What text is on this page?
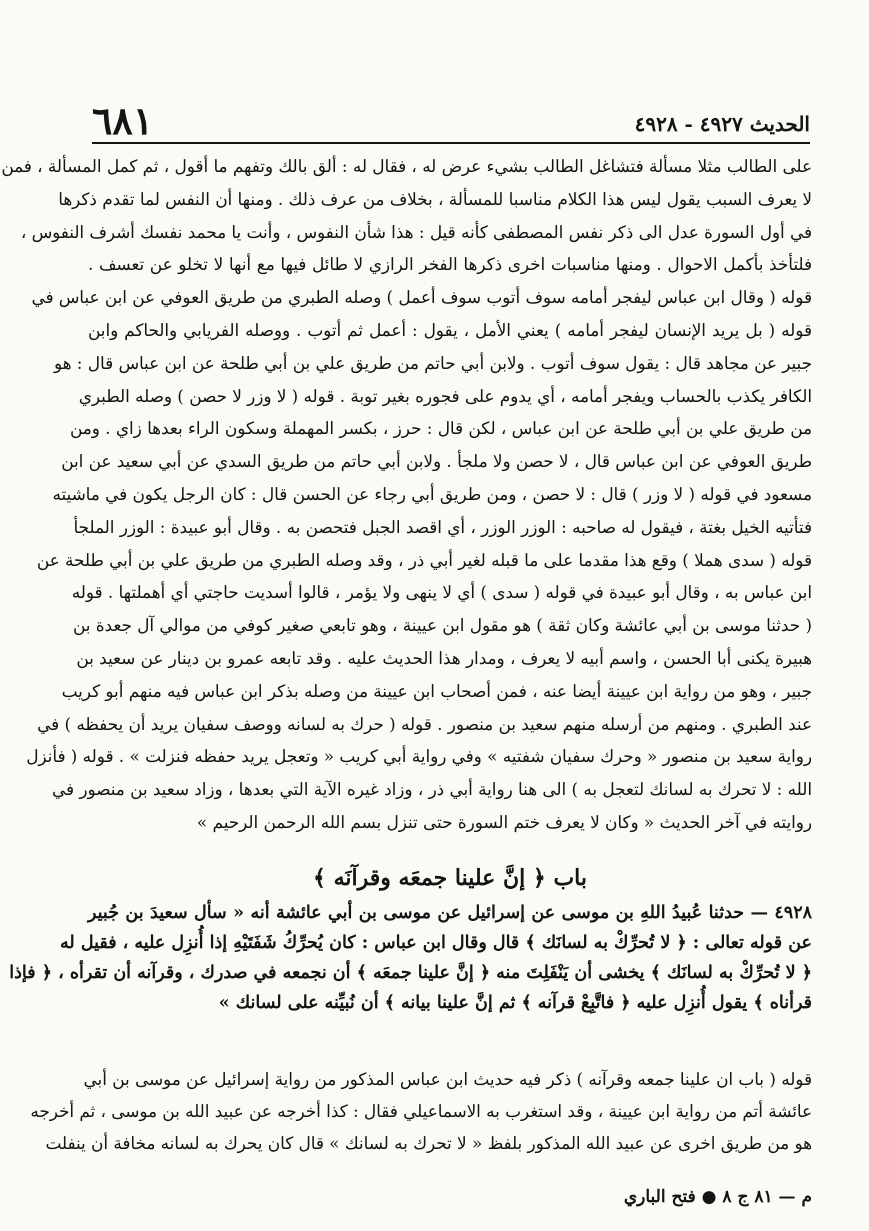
الحديث ٤٩٢٧ - ٤٩٢٨
٦٨١
على الطالب مثلا مسألة فتشاغل الطالب بشيء عرض له ، فقال له : ألق بالك وتفهم ما أقول ، ثم كمل المسألة ، فمن
لا يعرف السبب يقول ليس هذا الكلام مناسبا للمسألة ، بخلاف من عرف ذلك . ومنها أن النفس لما تقدم ذكرها
في أول السورة عدل الى ذكر نفس المصطفى كأنه قيل : هذا شأن النفوس ، وأنت يا محمد نفسك أشرف النفوس ،
فلتأخذ بأكمل الاحوال . ومنها مناسبات اخرى ذكرها الفخر الرازي لا طائل فيها مع أنها لا تخلو عن تعسف .
قوله ( وقال ابن عباس ليفجر أمامه سوف أتوب سوف أعمل ) وصله الطبري من طريق العوفي عن ابن عباس في
قوله ( بل يريد الإنسان ليفجر أمامه ) يعني الأمل ، يقول : أعمل ثم أتوب . ووصله الفريابي والحاكم وابن
جبير عن مجاهد قال : يقول سوف أتوب . ولابن أبي حاتم من طريق علي بن أبي طلحة عن ابن عباس قال : هو
الكافر يكذب بالحساب ويفجر أمامه ، أي يدوم على فجوره بغير توبة . قوله ( لا وزر لا حصن ) وصله الطبري
من طريق علي بن أبي طلحة عن ابن عباس ، لكن قال : حرز ، بكسر المهملة وسكون الراء بعدها زاي . ومن
طريق العوفي عن ابن عباس قال ، لا حصن ولا ملجأ . ولابن أبي حاتم من طريق السدي عن أبي سعيد عن ابن
مسعود في قوله ( لا وزر ) قال : لا حصن ، ومن طريق أبي رجاء عن الحسن قال : كان الرجل يكون في ماشيته
فتأتيه الخيل بغتة ، فيقول له صاحبه : الوزر الوزر ، أي اقصد الجبل فتحصن به . وقال أبو عبيدة : الوزر الملجأ
قوله ( سدى هملا ) وقع هذا مقدما على ما قبله لغير أبي ذر ، وقد وصله الطبري من طريق علي بن أبي طلحة عن
ابن عباس به ، وقال أبو عبيدة في قوله ( سدى ) أي لا ينهى ولا يؤمر ، قالوا أسديت حاجتي أي أهملتها . قوله
( حدثنا موسى بن أبي عائشة وكان ثقة ) هو مقول ابن عيينة ، وهو تابعي صغير كوفي من موالي آل جعدة بن
هبيرة يكنى أبا الحسن ، واسم أبيه لا يعرف ، ومدار هذا الحديث عليه . وقد تابعه عمرو بن دينار عن سعيد بن
جبير ، وهو من رواية ابن عيينة أيضا عنه ، فمن أصحاب ابن عيينة من وصله بذكر ابن عباس فيه منهم أبو كريب
عند الطبري . ومنهم من أرسله منهم سعيد بن منصور . قوله ( حرك به لسانه ووصف سفيان يريد أن يحفظه ) في
رواية سعيد بن منصور « وحرك سفيان شفتيه » وفي رواية أبي كريب « وتعجل يريد حفظه فنزلت » . قوله ( فأنزل
الله : لا تحرك به لسانك لتعجل به ) الى هنا رواية أبي ذر ، وزاد غيره الآية التي بعدها ، وزاد سعيد بن منصور في
روايته في آخر الحديث « وكان لا يعرف ختم السورة حتى تنزل بسم الله الرحمن الرحيم »
باب ﴿ إنَّ علينا جمعَه وقرآنَه ﴾
٤٩٢٨ — حدثنا عُبيدُ اللهِ بن موسى عن إسرائيل عن موسى بن أبي عائشة أنه « سأل سعيدَ بن جُبير
عن قوله تعالى : ﴿ لا تُحرِّكْ به لسانَك ﴾ قال وقال ابن عباس : كان يُحرِّكُ شَفَتَيْهِ إذا أُنزِل عليه ، فقيل له
﴿ لا تُحرِّكْ به لسانَك ﴾ يخشى أن يَنْفَلِتَ منه ﴿ إنَّ علينا جمعَه ﴾ أن نجمعه في صدرك ، وقرآنه أن تقرأه ، ﴿ فإذا
قرأناه ﴾ يقول أُنزِل عليه ﴿ فاتَّبِعْ قرآنه ﴾ ثم إنَّ علينا بيانه ﴾ أن نُبيِّنه على لسانك »
قوله ( باب ان علينا جمعه وقرآنه ) ذكر فيه حديث ابن عباس المذكور من رواية إسرائيل عن موسى بن أبي
عائشة أتم من رواية ابن عيينة ، وقد استغرب به الاسماعيلي فقال : كذا أخرجه عن عبيد الله بن موسى ، ثم أخرجه
هو من طريق اخرى عن عبيد الله المذكور بلفظ « لا تحرك به لسانك » قال كان يحرك به لسانه مخافة أن ينفلت
م — ٨١ ج ٨ ● فتح الباري
